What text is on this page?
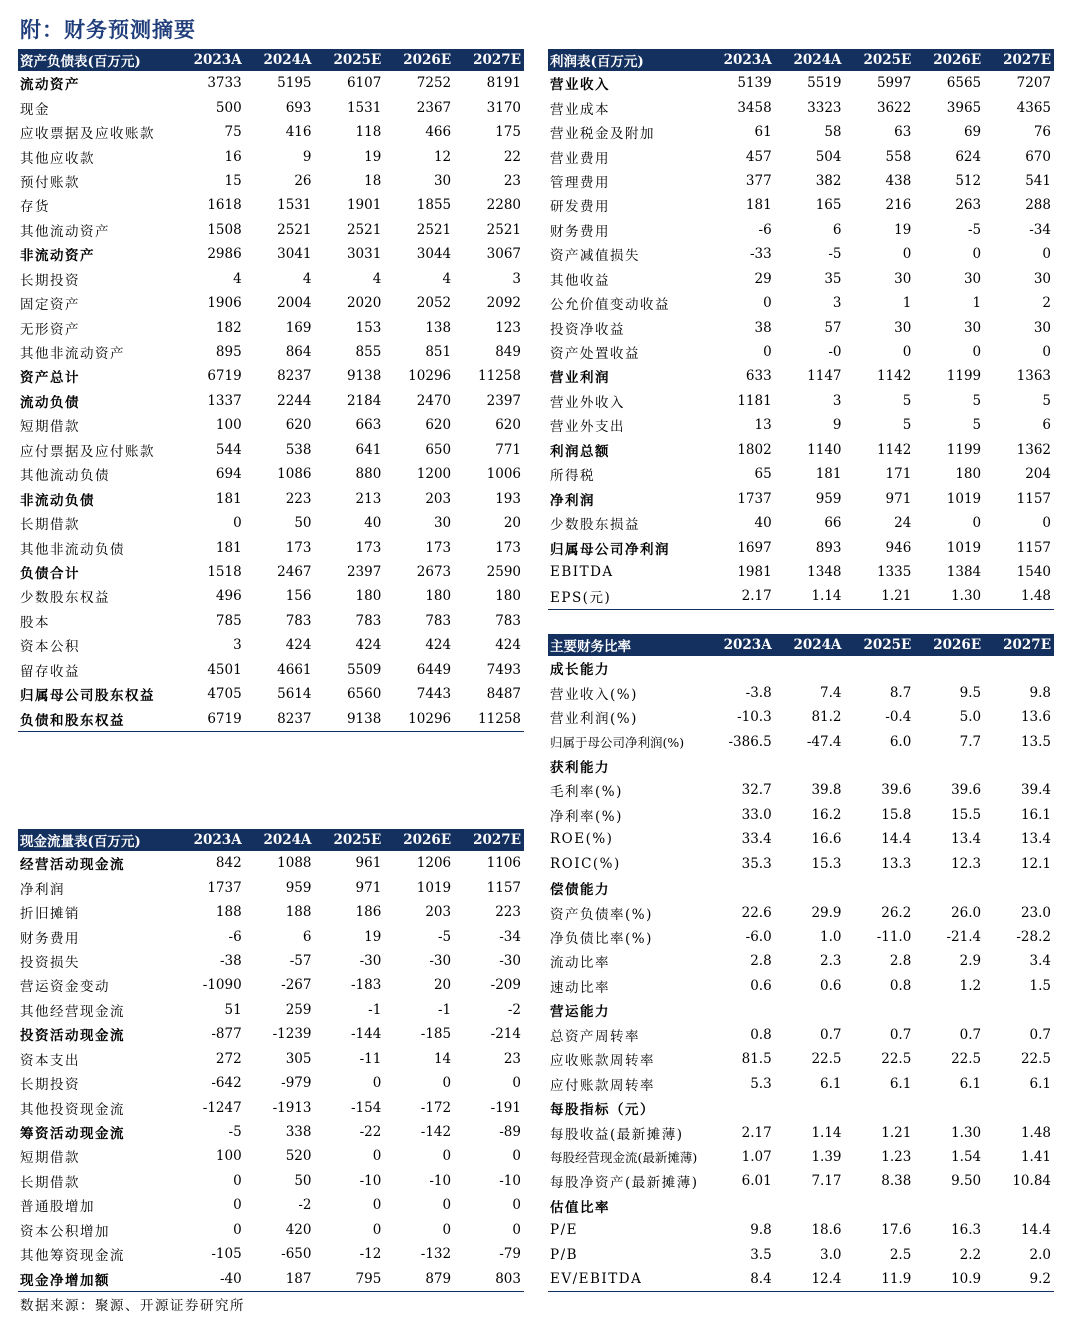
附：财务预测摘要
资产负债表(百万元)	2023A	2024A	2025E	2026E	2027E
流动资产	3733	5195	6107	7252	8191
现金	500	693	1531	2367	3170
应收票据及应收账款	75	416	118	466	175
其他应收款	16	9	19	12	22
预付账款	15	26	18	30	23
存货	1618	1531	1901	1855	2280
其他流动资产	1508	2521	2521	2521	2521
非流动资产	2986	3041	3031	3044	3067
长期投资	4	4	4	4	3
固定资产	1906	2004	2020	2052	2092
无形资产	182	169	153	138	123
其他非流动资产	895	864	855	851	849
资产总计	6719	8237	9138	10296	11258
流动负债	1337	2244	2184	2470	2397
短期借款	100	620	663	620	620
应付票据及应付账款	544	538	641	650	771
其他流动负债	694	1086	880	1200	1006
非流动负债	181	223	213	203	193
长期借款	0	50	40	30	20
其他非流动负债	181	173	173	173	173
负债合计	1518	2467	2397	2673	2590
少数股东权益	496	156	180	180	180
股本	785	783	783	783	783
资本公积	3	424	424	424	424
留存收益	4501	4661	5509	6449	7493
归属母公司股东权益	4705	5614	6560	7443	8487
负债和股东权益	6719	8237	9138	10296	11258
利润表(百万元)	2023A	2024A	2025E	2026E	2027E
营业收入	5139	5519	5997	6565	7207
营业成本	3458	3323	3622	3965	4365
营业税金及附加	61	58	63	69	76
营业费用	457	504	558	624	670
管理费用	377	382	438	512	541
研发费用	181	165	216	263	288
财务费用	-6	6	19	-5	-34
资产减值损失	-33	-5	0	0	0
其他收益	29	35	30	30	30
公允价值变动收益	0	3	1	1	2
投资净收益	38	57	30	30	30
资产处置收益	0	-0	0	0	0
营业利润	633	1147	1142	1199	1363
营业外收入	1181	3	5	5	5
营业外支出	13	9	5	5	6
利润总额	1802	1140	1142	1199	1362
所得税	65	181	171	180	204
净利润	1737	959	971	1019	1157
少数股东损益	40	66	24	0	0
归属母公司净利润	1697	893	946	1019	1157
EBITDA	1981	1348	1335	1384	1540
EPS(元)	2.17	1.14	1.21	1.30	1.48
主要财务比率	2023A	2024A	2025E	2026E	2027E
成长能力					
营业收入(%)	-3.8	7.4	8.7	9.5	9.8
营业利润(%)	-10.3	81.2	-0.4	5.0	13.6
归属于母公司净利润(%)	-386.5	-47.4	6.0	7.7	13.5
获利能力					
毛利率(%)	32.7	39.8	39.6	39.6	39.4
净利率(%)	33.0	16.2	15.8	15.5	16.1
ROE(%)	33.4	16.6	14.4	13.4	13.4
ROIC(%)	35.3	15.3	13.3	12.3	12.1
偿债能力					
资产负债率(%)	22.6	29.9	26.2	26.0	23.0
净负债比率(%)	-6.0	1.0	-11.0	-21.4	-28.2
流动比率	2.8	2.3	2.8	2.9	3.4
速动比率	0.6	0.6	0.8	1.2	1.5
营运能力					
总资产周转率	0.8	0.7	0.7	0.7	0.7
应收账款周转率	81.5	22.5	22.5	22.5	22.5
应付账款周转率	5.3	6.1	6.1	6.1	6.1
每股指标（元）					
每股收益(最新摊薄)	2.17	1.14	1.21	1.30	1.48
每股经营现金流(最新摊薄)	1.07	1.39	1.23	1.54	1.41
每股净资产(最新摊薄)	6.01	7.17	8.38	9.50	10.84
估值比率					
P/E	9.8	18.6	17.6	16.3	14.4
P/B	3.5	3.0	2.5	2.2	2.0
EV/EBITDA	8.4	12.4	11.9	10.9	9.2
现金流量表(百万元)	2023A	2024A	2025E	2026E	2027E
经营活动现金流	842	1088	961	1206	1106
净利润	1737	959	971	1019	1157
折旧摊销	188	188	186	203	223
财务费用	-6	6	19	-5	-34
投资损失	-38	-57	-30	-30	-30
营运资金变动	-1090	-267	-183	20	-209
其他经营现金流	51	259	-1	-1	-2
投资活动现金流	-877	-1239	-144	-185	-214
资本支出	272	305	-11	14	23
长期投资	-642	-979	0	0	0
其他投资现金流	-1247	-1913	-154	-172	-191
筹资活动现金流	-5	338	-22	-142	-89
短期借款	100	520	0	0	0
长期借款	0	50	-10	-10	-10
普通股增加	0	-2	0	0	0
资本公积增加	0	420	0	0	0
其他筹资现金流	-105	-650	-12	-132	-79
现金净增加额	-40	187	795	879	803
数据来源：聚源、开源证券研究所
